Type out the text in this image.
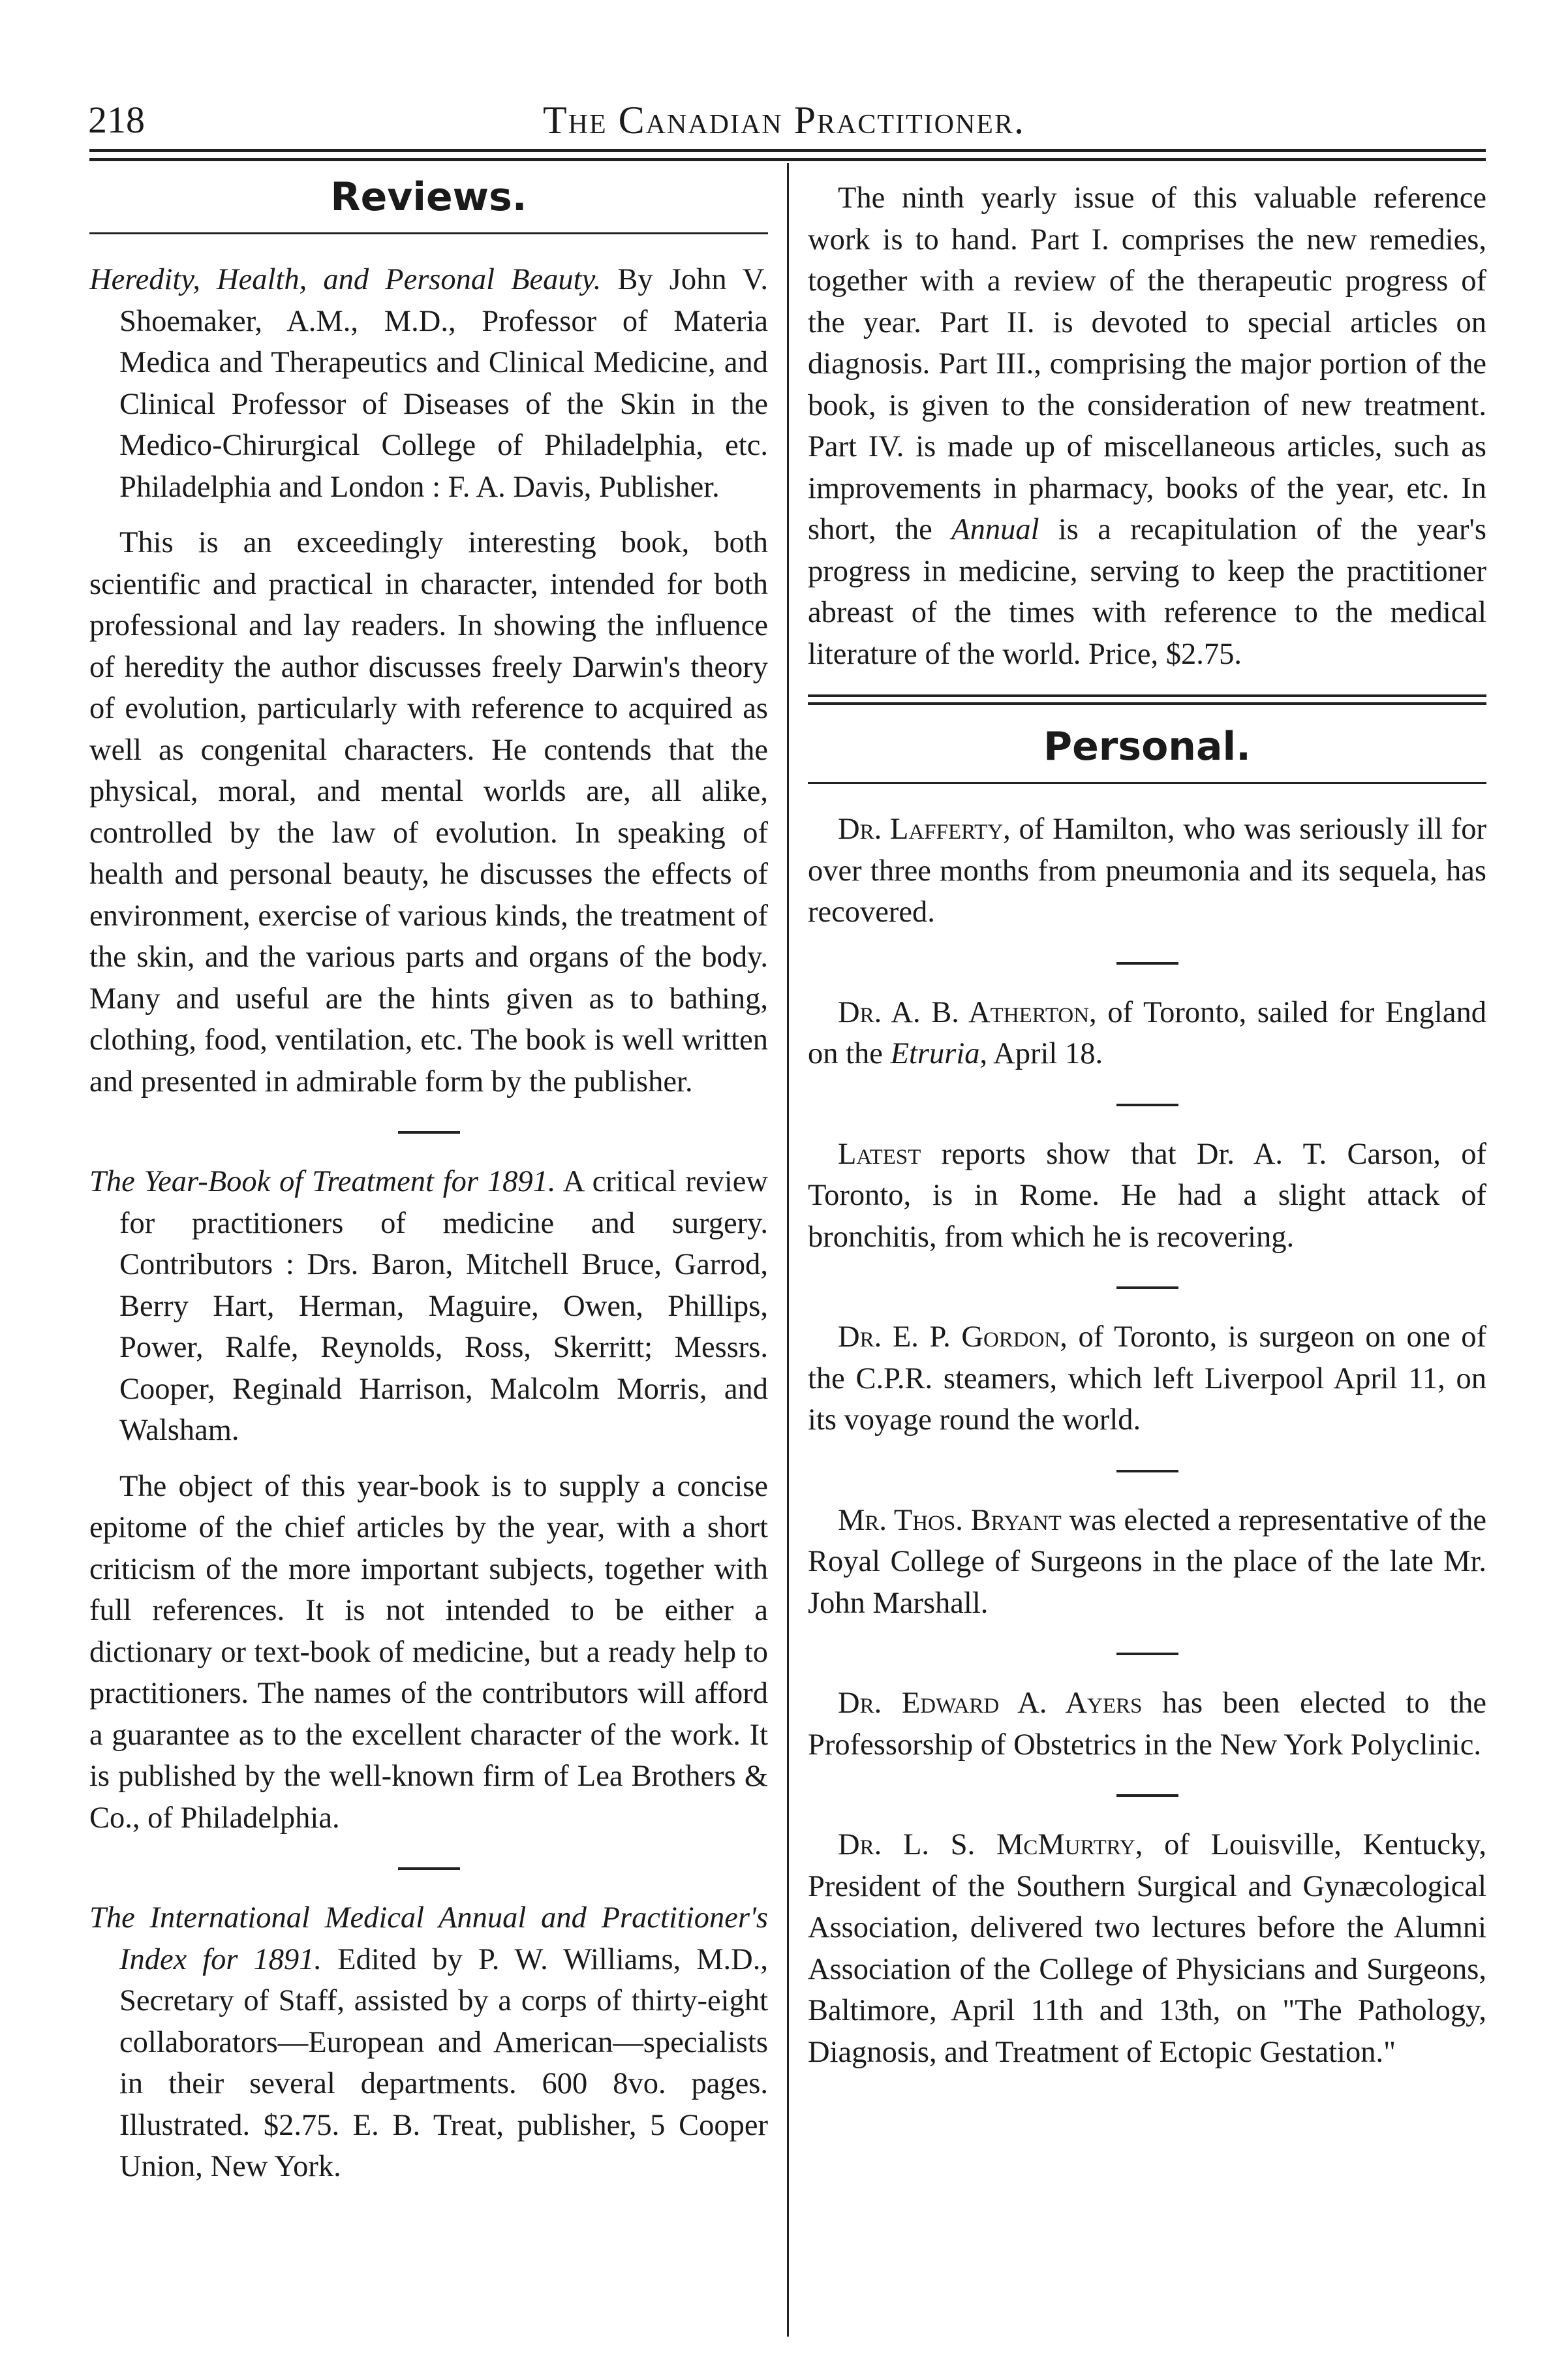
218	The Canadian Practitioner.
Reviews.
Heredity, Health, and Personal Beauty. By John V. Shoemaker, A.M., M.D., Professor of Materia Medica and Therapeutics and Clinical Medicine, and Clinical Professor of Diseases of the Skin in the Medico-Chirurgical College of Philadelphia, etc. Philadelphia and London : F. A. Davis, Publisher.
This is an exceedingly interesting book, both scientific and practical in character, intended for both professional and lay readers. In showing the influence of heredity the author discusses freely Darwin's theory of evolution, particularly with reference to acquired as well as congenital characters. He contends that the physical, moral, and mental worlds are, all alike, controlled by the law of evolution. In speaking of health and personal beauty, he discusses the effects of environment, exercise of various kinds, the treatment of the skin, and the various parts and organs of the body. Many and useful are the hints given as to bathing, clothing, food, ventilation, etc. The book is well written and presented in admirable form by the publisher.
The Year-Book of Treatment for 1891. A critical review for practitioners of medicine and surgery. Contributors : Drs. Baron, Mitchell Bruce, Garrod, Berry Hart, Herman, Maguire, Owen, Phillips, Power, Ralfe, Reynolds, Ross, Skerritt; Messrs. Cooper, Reginald Harrison, Malcolm Morris, and Walsham.
The object of this year-book is to supply a concise epitome of the chief articles by the year, with a short criticism of the more important subjects, together with full references. It is not intended to be either a dictionary or text-book of medicine, but a ready help to practitioners. The names of the contributors will afford a guarantee as to the excellent character of the work. It is published by the well-known firm of Lea Brothers & Co., of Philadelphia.
The International Medical Annual and Practitioner's Index for 1891. Edited by P. W. Williams, M.D., Secretary of Staff, assisted by a corps of thirty-eight collaborators—European and American—specialists in their several departments. 600 8vo. pages. Illustrated. $2.75. E. B. Treat, publisher, 5 Cooper Union, New York.
The ninth yearly issue of this valuable reference work is to hand. Part I. comprises the new remedies, together with a review of the therapeutic progress of the year. Part II. is devoted to special articles on diagnosis. Part III., comprising the major portion of the book, is given to the consideration of new treatment. Part IV. is made up of miscellaneous articles, such as improvements in pharmacy, books of the year, etc. In short, the Annual is a recapitulation of the year's progress in medicine, serving to keep the practitioner abreast of the times with reference to the medical literature of the world. Price, $2.75.
Personal.
Dr. Lafferty, of Hamilton, who was seriously ill for over three months from pneumonia and its sequela, has recovered.
Dr. A. B. Atherton, of Toronto, sailed for England on the Etruria, April 18.
Latest reports show that Dr. A. T. Carson, of Toronto, is in Rome. He had a slight attack of bronchitis, from which he is recovering.
Dr. E. P. Gordon, of Toronto, is surgeon on one of the C.P.R. steamers, which left Liverpool April 11, on its voyage round the world.
Mr. Thos. Bryant was elected a representative of the Royal College of Surgeons in the place of the late Mr. John Marshall.
Dr. Edward A. Ayers has been elected to the Professorship of Obstetrics in the New York Polyclinic.
Dr. L. S. McMurtry, of Louisville, Kentucky, President of the Southern Surgical and Gynæcological Association, delivered two lectures before the Alumni Association of the College of Physicians and Surgeons, Baltimore, April 11th and 13th, on "The Pathology, Diagnosis, and Treatment of Ectopic Gestation."
